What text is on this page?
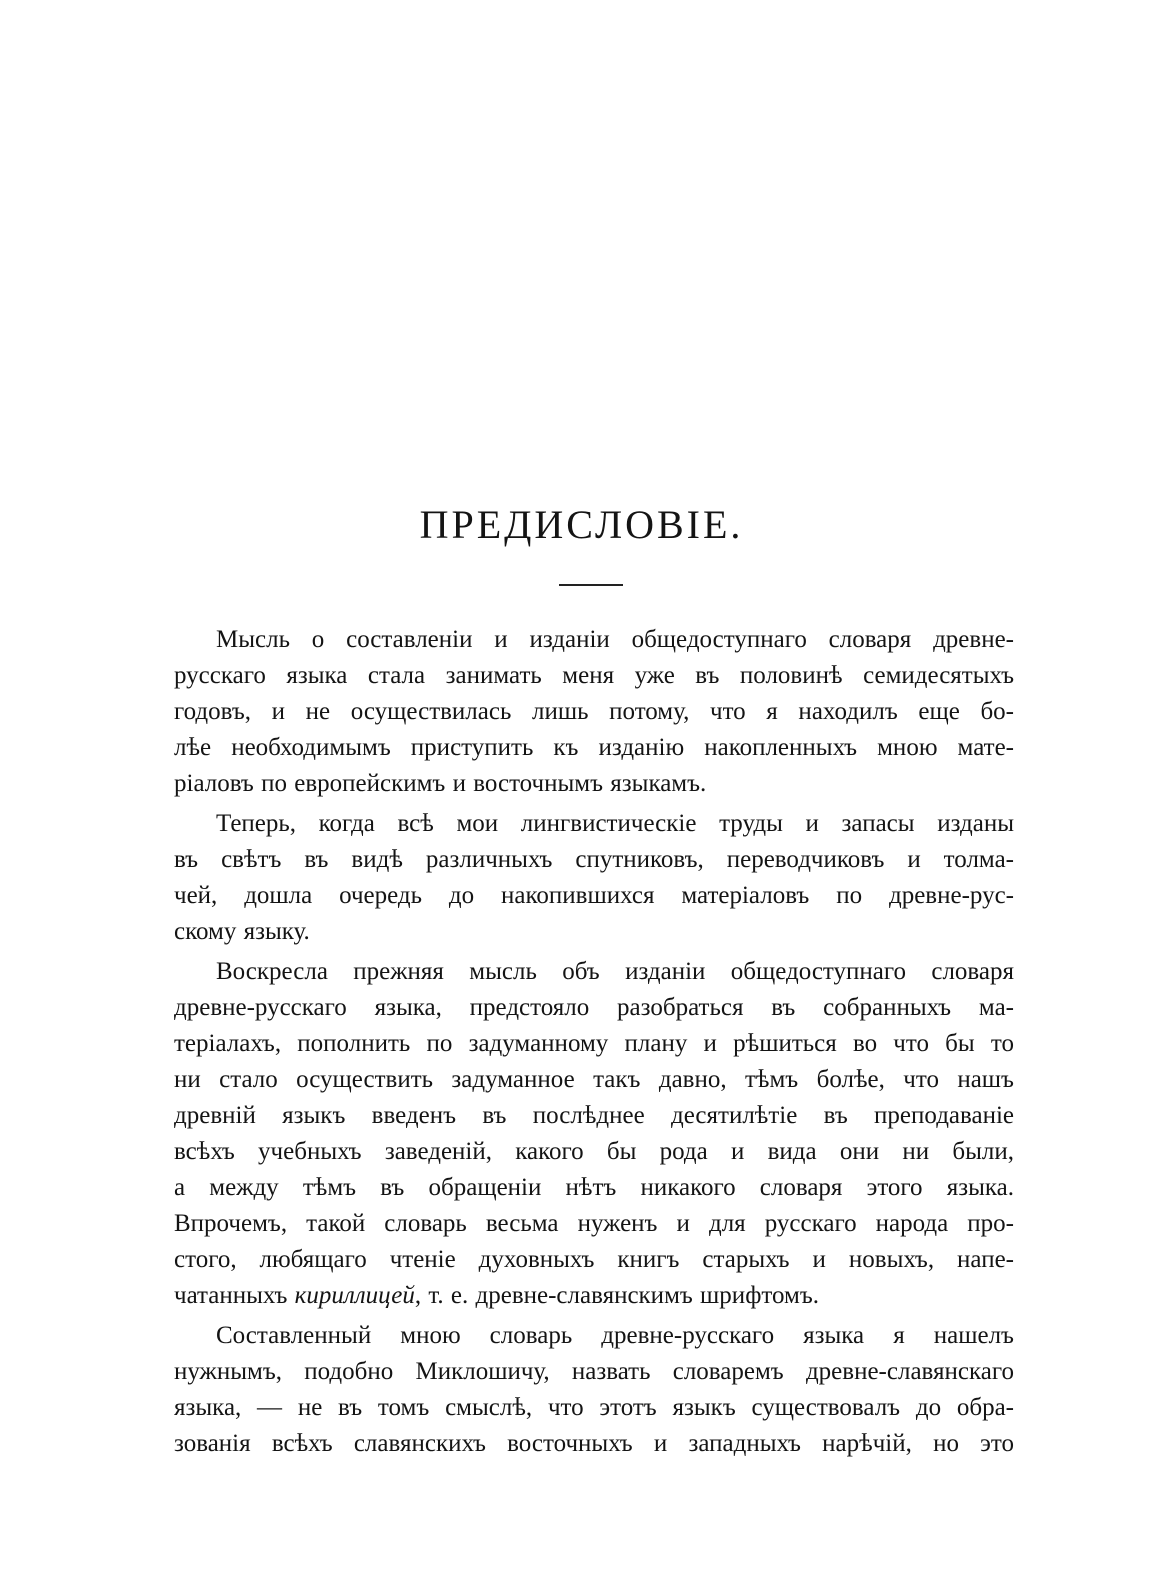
ПРЕДИСЛОВІЕ.
Мысль о составленіи и изданіи общедоступнаго словаря древне-
русскаго языка стала занимать меня уже въ половинѣ семидесятыхъ
годовъ, и не осуществилась лишь потому, что я находилъ еще бо-
лѣе необходимымъ приступить къ изданію накопленныхъ мною мате-
ріаловъ по европейскимъ и восточнымъ языкамъ.
Теперь, когда всѣ мои лингвистическіе труды и запасы изданы
въ свѣтъ въ видѣ различныхъ спутниковъ, переводчиковъ и толма-
чей, дошла очередь до накопившихся матеріаловъ по древне-рус-
скому языку.
Воскресла прежняя мысль объ изданіи общедоступнаго словаря
древне-русскаго языка, предстояло разобраться въ собранныхъ ма-
теріалахъ, пополнить по задуманному плану и рѣшиться во что бы то
ни стало осуществить задуманное такъ давно, тѣмъ болѣе, что нашъ
древній языкъ введенъ въ послѣднее десятилѣтіе въ преподаваніе
всѣхъ учебныхъ заведеній, какого бы рода и вида они ни были,
а между тѣмъ въ обращеніи нѣтъ никакого словаря этого языка.
Впрочемъ, такой словарь весьма нуженъ и для русскаго народа про-
стого, любящаго чтеніе духовныхъ книгъ старыхъ и новыхъ, напе-
чатанныхъ кириллицей, т. е. древне-славянскимъ шрифтомъ.
Составленный мною словарь древне-русскаго языка я нашелъ
нужнымъ, подобно Миклошичу, назвать словаремъ древне-славянскаго
языка, — не въ томъ смыслѣ, что этотъ языкъ существовалъ до обра-
зованія всѣхъ славянскихъ восточныхъ и западныхъ нарѣчій, но это
